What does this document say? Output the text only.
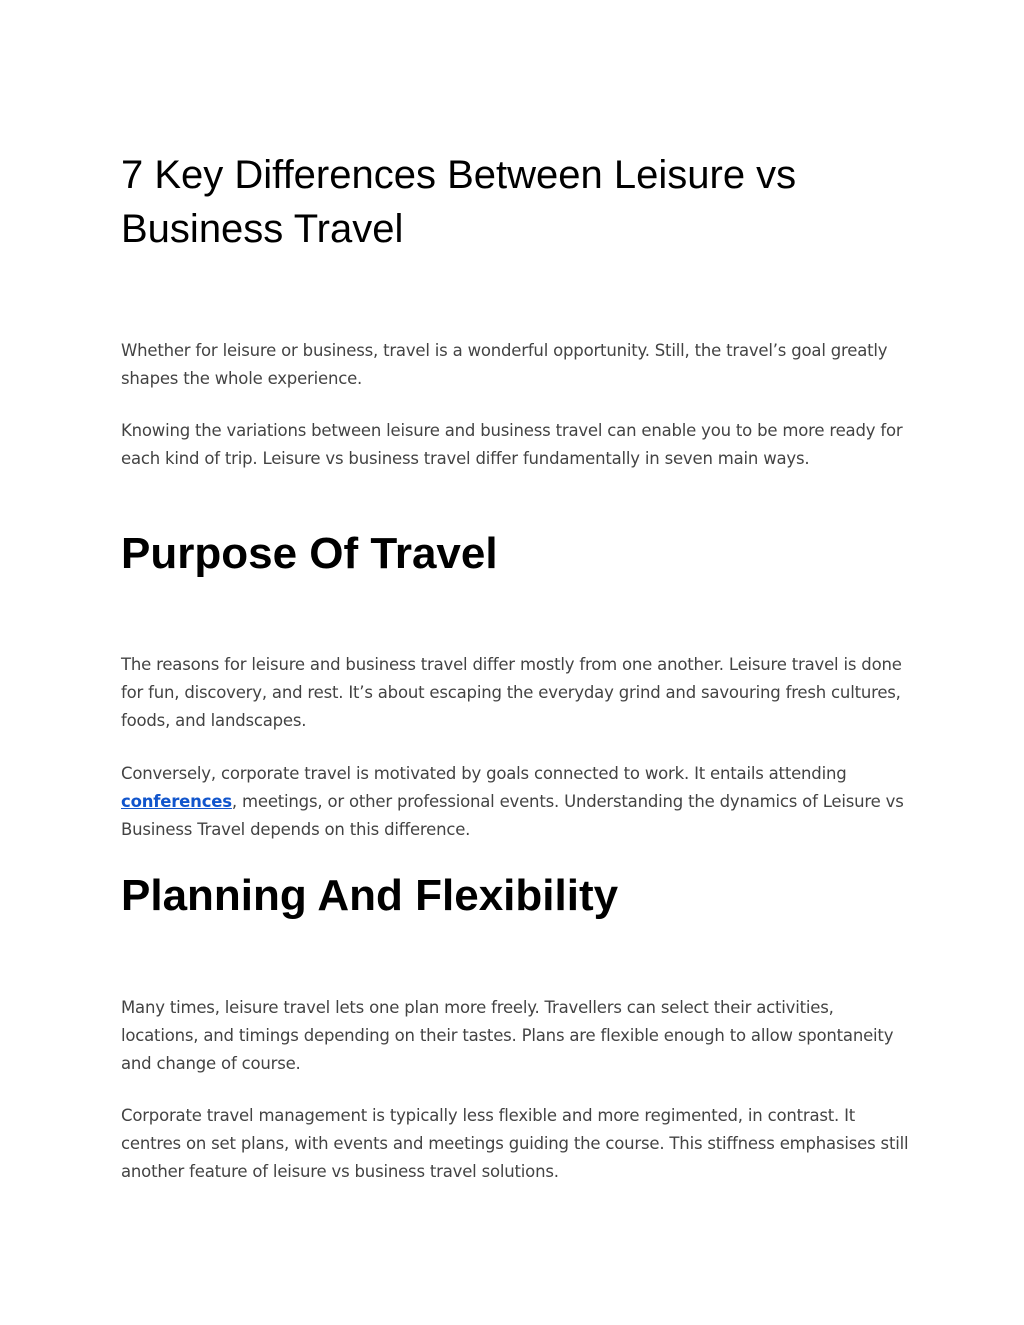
7 Key Differences Between Leisure vs Business Travel

Whether for leisure or business, travel is a wonderful opportunity. Still, the travel’s goal greatly shapes the whole experience.

Knowing the variations between leisure and business travel can enable you to be more ready for each kind of trip. Leisure vs business travel differ fundamentally in seven main ways.

Purpose Of Travel

The reasons for leisure and business travel differ mostly from one another. Leisure travel is done for fun, discovery, and rest. It’s about escaping the everyday grind and savouring fresh cultures, foods, and landscapes.

Conversely, corporate travel is motivated by goals connected to work. It entails attending conferences, meetings, or other professional events. Understanding the dynamics of Leisure vs Business Travel depends on this difference.

Planning And Flexibility

Many times, leisure travel lets one plan more freely. Travellers can select their activities, locations, and timings depending on their tastes. Plans are flexible enough to allow spontaneity and change of course.

Corporate travel management is typically less flexible and more regimented, in contrast. It centres on set plans, with events and meetings guiding the course. This stiffness emphasises still another feature of leisure vs business travel solutions.
